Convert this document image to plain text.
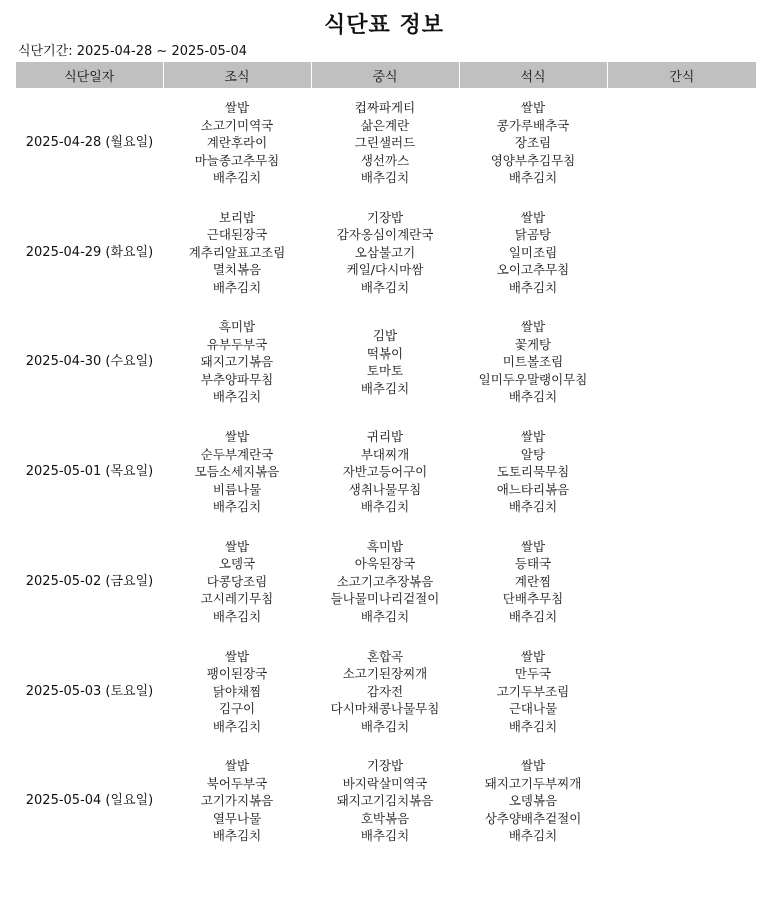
식단표 정보
식단기간: 2025-04-28 ~ 2025-05-04
식단일자	조식	중식	석식	간식
2025-04-28 (월요일)	쌀밥
소고기미역국
계란후라이
마늘종고추무침
배추김치	컵짜파게티
삶은계란
그린샐러드
생선까스
배추김치	쌀밥
콩가루배추국
장조림
영양부추김무침
배추김치	

2025-04-29 (화요일)	보리밥
근대된장국
계추리알표고조림
멸치볶음
배추김치	기장밥
감자옹심이계란국
오삼불고기
케일/다시마쌈
배추김치	쌀밥
닭곰탕
일미조림
오이고추무침
배추김치	

2025-04-30 (수요일)	흑미밥
유부두부국
돼지고기볶음
부추양파무침
배추김치	김밥
떡볶이
토마토
배추김치	쌀밥
꽃게탕
미트볼조림
일미두우말랭이무침
배추김치	

2025-05-01 (목요일)	쌀밥
순두부계란국
모듬소세지볶음
비름나물
배추김치	귀리밥
부대찌개
자반고등어구이
생취나물무침
배추김치	쌀밥
알탕
도토리묵무침
애느타리볶음
배추김치	

2025-05-02 (금요일)	쌀밥
오뎅국
다콩당조림
고시레기무침
배추김치	흑미밥
아욱된장국
소고기고추장볶음
들나물미나리겉절이
배추김치	쌀밥
등태국
계란찜
단배추무침
배추김치	

2025-05-03 (토요일)	쌀밥
팽이된장국
닭야채찜
김구이
배추김치	혼합곡
소고기된장찌개
감자전
다시마채콩나물무침
배추김치	쌀밥
만두국
고기두부조림
근대나물
배추김치	

2025-05-04 (일요일)	쌀밥
북어두부국
고기가지볶음
열무나물
배추김치	기장밥
바지락살미역국
돼지고기김치볶음
호박볶음
배추김치	쌀밥
돼지고기두부찌개
오뎅볶음
상추양배추겉절이
배추김치	
